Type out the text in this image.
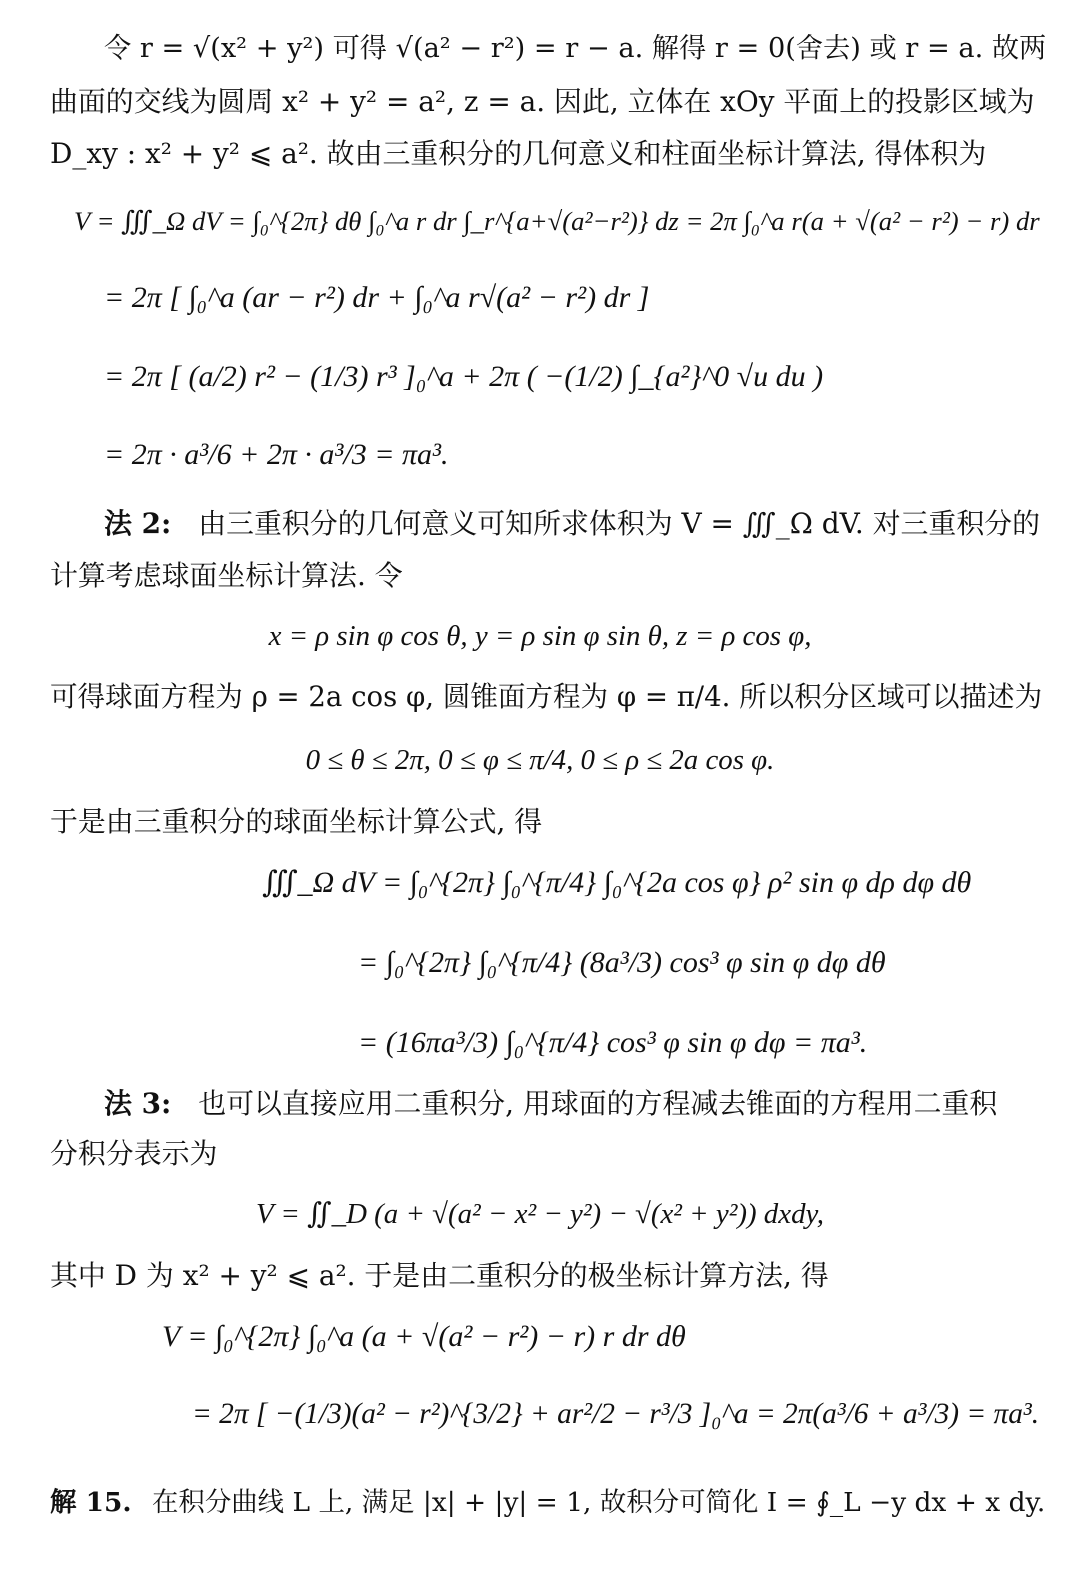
令 r = √(x² + y²) 可得 √(a² − r²) = r − a. 解得 r = 0(舍去) 或 r = a. 故两
曲面的交线为圆周 x² + y² = a², z = a. 因此, 立体在 xOy 平面上的投影区域为
D_xy : x² + y² ⩽ a². 故由三重积分的几何意义和柱面坐标计算法, 得体积为
V = ∭_Ω dV = ∫₀^{2π} dθ ∫₀^a r dr ∫_r^{a+√(a²−r²)} dz = 2π ∫₀^a r(a + √(a² − r²) − r) dr
= 2π [ ∫₀^a (ar − r²) dr + ∫₀^a r√(a² − r²) dr ]
= 2π [ (a/2) r² − (1/3) r³ ]₀^a + 2π ( −(1/2) ∫_{a²}^0 √u du )
= 2π · a³/6 + 2π · a³/3 = πa³.
法 2: 由三重积分的几何意义可知所求体积为 V = ∭_Ω dV. 对三重积分的
计算考虑球面坐标计算法. 令
x = ρ sin φ cos θ, y = ρ sin φ sin θ, z = ρ cos φ,
可得球面方程为 ρ = 2a cos φ, 圆锥面方程为 φ = π/4. 所以积分区域可以描述为
0 ≤ θ ≤ 2π, 0 ≤ φ ≤ π/4, 0 ≤ ρ ≤ 2a cos φ.
于是由三重积分的球面坐标计算公式, 得
∭_Ω dV = ∫₀^{2π} ∫₀^{π/4} ∫₀^{2a cos φ} ρ² sin φ dρ dφ dθ
= ∫₀^{2π} ∫₀^{π/4} (8a³/3) cos³ φ sin φ dφ dθ
= (16πa³/3) ∫₀^{π/4} cos³ φ sin φ dφ = πa³.
法 3: 也可以直接应用二重积分, 用球面的方程减去锥面的方程用二重积
分积分表示为
V = ∬_D (a + √(a² − x² − y²) − √(x² + y²)) dxdy,
其中 D 为 x² + y² ⩽ a². 于是由二重积分的极坐标计算方法, 得
V = ∫₀^{2π} ∫₀^a (a + √(a² − r²) − r) r dr dθ
= 2π [ −(1/3)(a² − r²)^{3/2} + ar²/2 − r³/3 ]₀^a = 2π(a³/6 + a³/3) = πa³.
解 15. 在积分曲线 L 上, 满足 |x| + |y| = 1, 故积分可简化 I = ∮_L −y dx + x dy.
